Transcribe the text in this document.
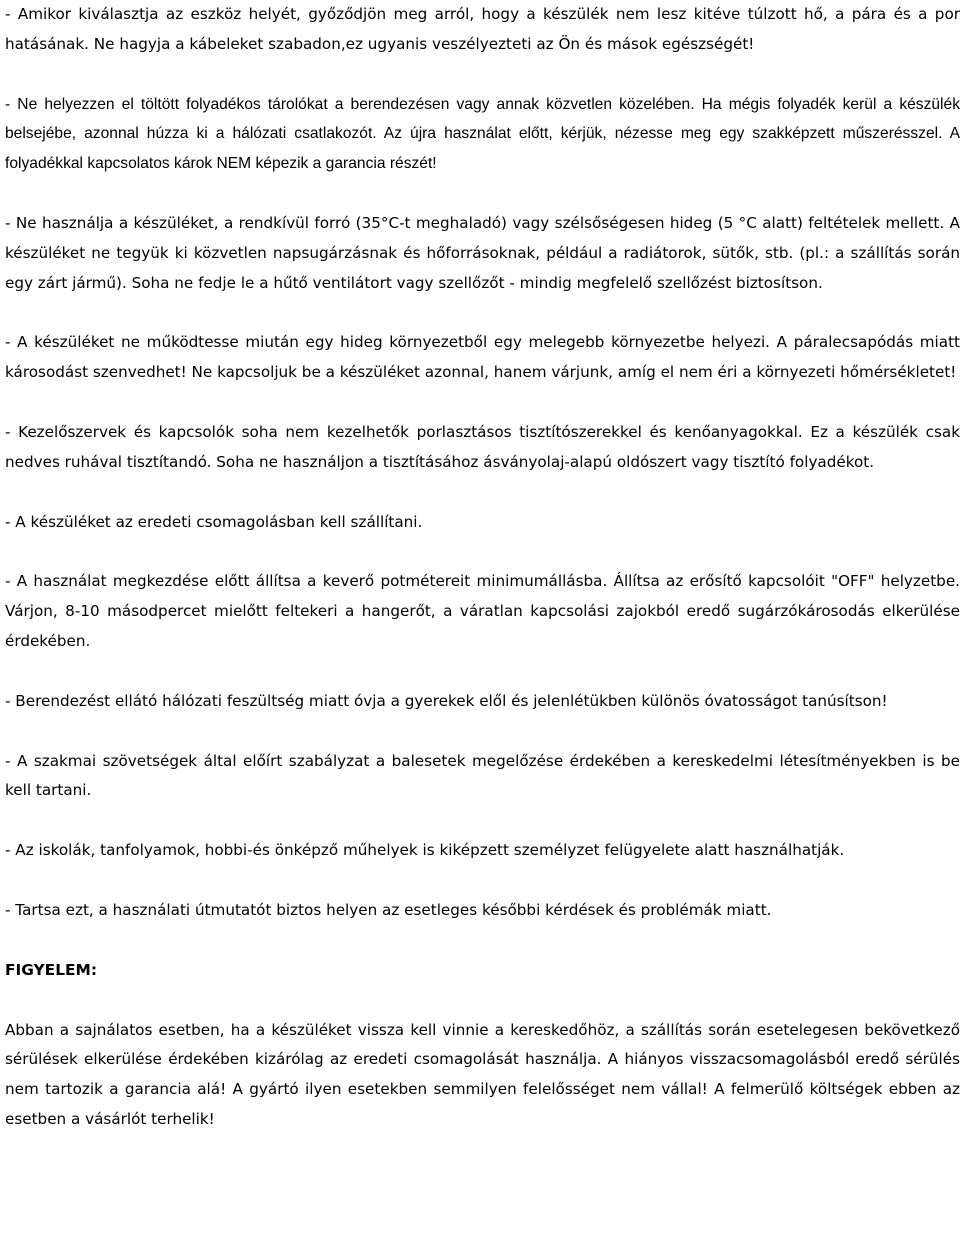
- Amikor kiválasztja az eszköz helyét, győződjön meg arról, hogy a készülék nem lesz kitéve túlzott hő, a pára és a por hatásának. Ne hagyja a kábeleket szabadon,ez ugyanis veszélyezteti az Ön és mások egészségét!

- Ne helyezzen el töltött folyadékos tárolókat a berendezésen vagy annak közvetlen közelében. Ha mégis folyadék kerül a készülék belsejébe, azonnal húzza ki a hálózati csatlakozót. Az újra használat előtt, kérjük, nézesse meg egy szakképzett műszerésszel. A folyadékkal kapcsolatos károk NEM képezik a garancia részét!

- Ne használja a készüléket, a rendkívül forró (35°C-t meghaladó) vagy szélsőségesen hideg (5 °C alatt) feltételek mellett. A készüléket ne tegyük ki közvetlen napsugárzásnak és hőforrásoknak, például a radiátorok, sütők, stb. (pl.: a szállítás során egy zárt jármű). Soha ne fedje le a hűtő ventilátort vagy szellőzőt - mindig megfelelő szellőzést biztosítson.

- A készüléket ne működtesse miután egy hideg környezetből egy melegebb környezetbe helyezi. A páralecsapódás miatt károsodást szenvedhet! Ne kapcsoljuk be a készüléket azonnal, hanem várjunk, amíg el nem éri a környezeti hőmérsékletet!

- Kezelőszervek és kapcsolók soha nem kezelhetők porlasztásos tisztítószerekkel és kenőanyagokkal. Ez a készülék csak nedves ruhával tisztítandó. Soha ne használjon a tisztításához ásványolaj-alapú oldószert vagy tisztító folyadékot.

- A készüléket az eredeti csomagolásban kell szállítani.

- A használat megkezdése előtt állítsa a keverő potmétereit minimumállásba. Állítsa az erősítő kapcsolóit "OFF" helyzetbe. Várjon, 8-10 másodpercet mielőtt feltekeri a hangerőt, a váratlan kapcsolási zajokból eredő sugárzókárosodás elkerülése érdekében.

- Berendezést ellátó hálózati feszültség miatt óvja a gyerekek elől és jelenlétükben különös óvatosságot tanúsítson!

- A szakmai szövetségek által előírt szabályzat a balesetek megelőzése érdekében a kereskedelmi létesítményekben is be kell tartani.

- Az iskolák, tanfolyamok, hobbi-és önképző műhelyek is kiképzett személyzet felügyelete alatt használhatják.

- Tartsa ezt, a használati útmutatót biztos helyen az esetleges későbbi kérdések és problémák miatt.

FIGYELEM:

Abban a sajnálatos esetben, ha a készüléket vissza kell vinnie a kereskedőhöz, a szállítás során esetelegesen bekövetkező sérülések elkerülése érdekében kizárólag az eredeti csomagolását használja. A hiányos visszacsomagolásból eredő sérülés nem tartozik a garancia alá! A gyártó ilyen esetekben semmilyen felelősséget nem vállal! A felmerülő költségek ebben az esetben a vásárlót terhelik!
